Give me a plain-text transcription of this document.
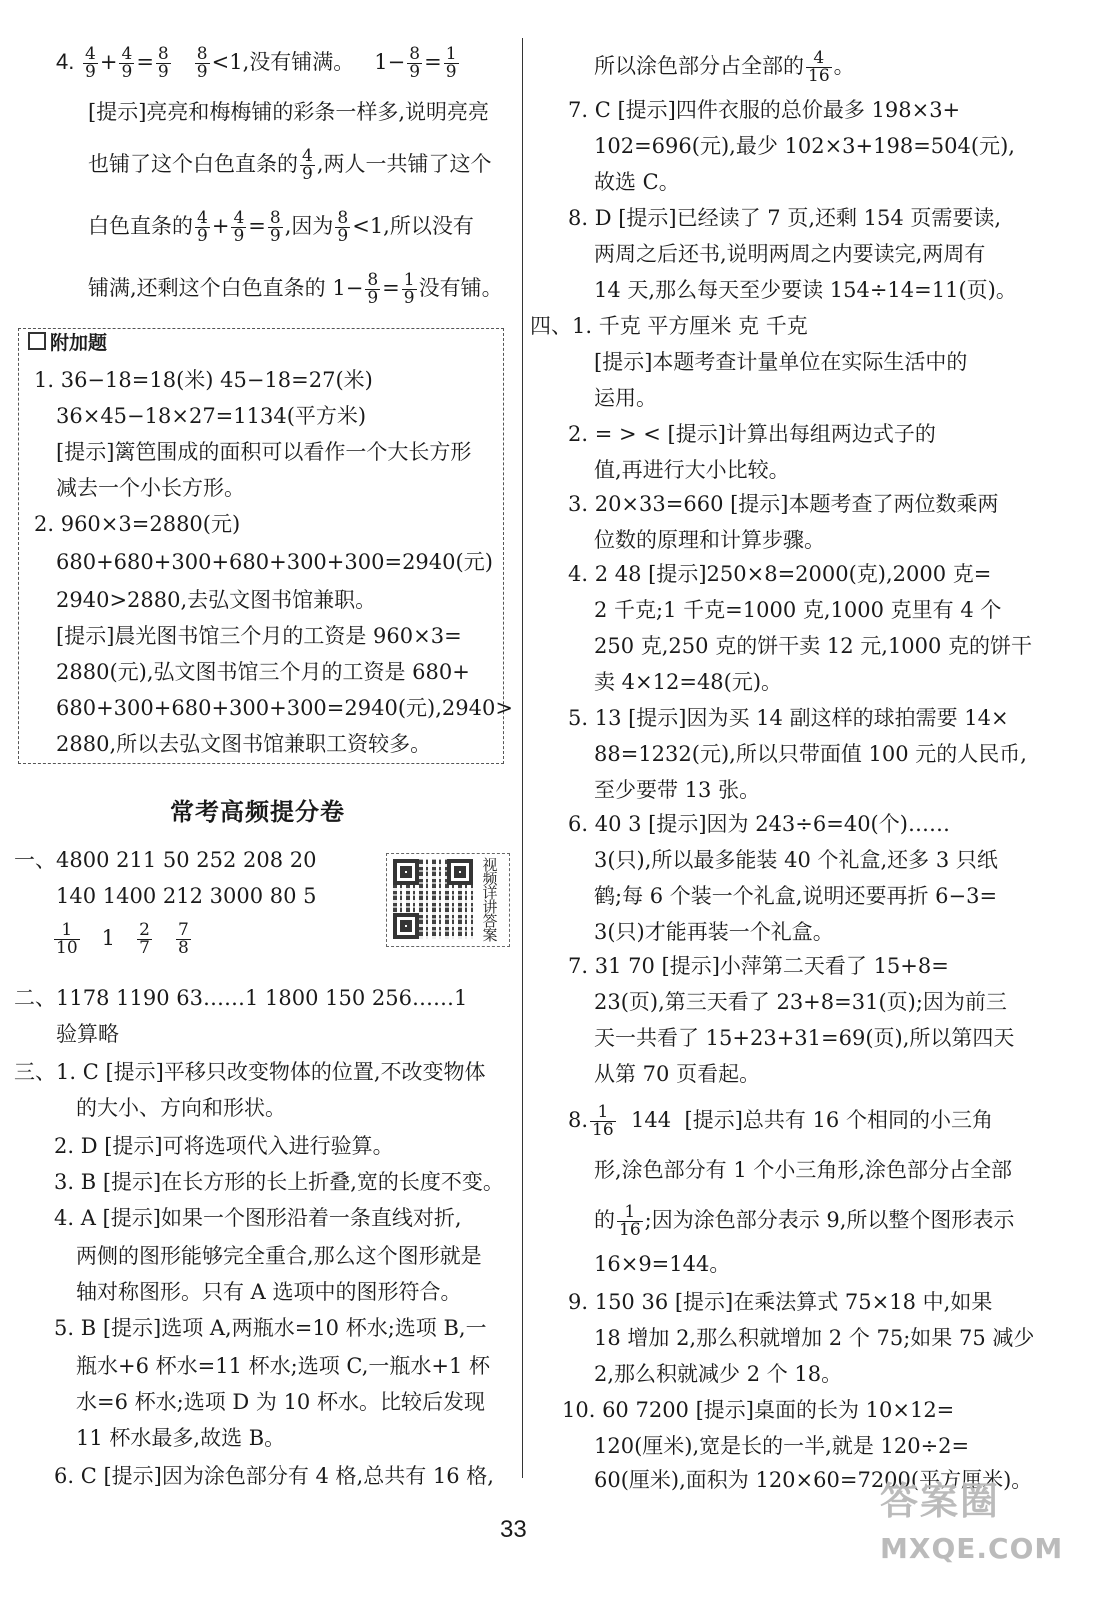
4. $\frac{4}{9} + \frac{4}{9} = \frac{8}{9}$
$\frac{8}{9} <1$,没有铺满。 $1- \frac{8}{9} = \frac{1}{9}$
[提示]亮亮和梅梅铺的彩条一样多,说明亮亮
也铺了这个白色直条的 $\frac{4}{9}$ ,两人一共铺了这个
白色直条的 $\frac{4}{9} + \frac{4}{9} = \frac{8}{9}$ ,因为 $\frac{8}{9} <1$,所以没有
铺满,还剩这个白色直条的 $1- \frac{8}{9} = \frac{1}{9}$ 没有铺。
附加题
1. 36−18=18(米) 45−18=27(米)
36×45−18×27=1134(平方米)
[提示]篱笆围成的面积可以看作一个大长方形
减去一个小长方形。
2. 960×3=2880(元)
680+680+300+680+300+300=2940(元)
2940>2880,去弘文图书馆兼职。
[提示]晨光图书馆三个月的工资是 960×3=
2880(元),弘文图书馆三个月的工资是 680+
680+300+680+300+300=2940(元),2940>
2880,所以去弘文图书馆兼职工资较多。
常考高频提分卷
一、4800 211 50 252 208 20
140 1400 212 3000 80 5
$\frac{1}{10} 1 \frac{2}{7}$
$\frac{7}{8}$
视频详讲答案
二、1178 1190 63……1 1800 150 256……1
验算略
三、1. C [提示]平移只改变物体的位置,不改变物体
的大小、方向和形状。
2. D [提示]可将选项代入进行验算。
3. B [提示]在长方形的长上折叠,宽的长度不变。
4. A [提示]如果一个图形沿着一条直线对折,
两侧的图形能够完全重合,那么这个图形就是
轴对称图形。只有 A 选项中的图形符合。
5. B [提示]选项 A,两瓶水=10 杯水;选项 B,一
瓶水+6 杯水=11 杯水;选项 C,一瓶水+1 杯
水=6 杯水;选项 D 为 10 杯水。比较后发现
11 杯水最多,故选 B。
6. C [提示]因为涂色部分有 4 格,总共有 16 格,
所以涂色部分占全部的 $\frac{4}{16}$ 。
7. C [提示]四件衣服的总价最多 198×3+
102=696(元),最少 102×3+198=504(元),
故选 C。
8. D [提示]已经读了 7 页,还剩 154 页需要读,
两周之后还书,说明两周之内要读完,两周有
14 天,那么每天至少要读 154÷14=11(页)。
四、1. 千克 平方厘米 克 千克
[提示]本题考查计量单位在实际生活中的
运用。
2. = > < [提示]计算出每组两边式子的
值,再进行大小比较。
3. 20×33=660 [提示]本题考查了两位数乘两
位数的原理和计算步骤。
4. 2 48 [提示]250×8=2000(克),2000 克=
2 千克;1 千克=1000 克,1000 克里有 4 个
250 克,250 克的饼干卖 12 元,1000 克的饼干
卖 4×12=48(元)。
5. 13 [提示]因为买 14 副这样的球拍需要 14×
88=1232(元),所以只带面值 100 元的人民币,
至少要带 13 张。
6. 40 3 [提示]因为 243÷6=40(个)……
3(只),所以最多能装 40 个礼盒,还多 3 只纸
鹤;每 6 个装一个礼盒,说明还要再折 6−3=
3(只)才能再装一个礼盒。
7. 31 70 [提示]小萍第二天看了 15+8=
23(页),第三天看了 23+8=31(页);因为前三
天一共看了 15+23+31=69(页),所以第四天
从第 70 页看起。
8. $\frac{1}{16} 144$ [提示]总共有 16 个相同的小三角
形,涂色部分有 1 个小三角形,涂色部分占全部
的 $\frac{1}{16}$ ;因为涂色部分表示 9,所以整个图形表示
16×9=144。
9. 150 36 [提示]在乘法算式 75×18 中,如果
18 增加 2,那么积就增加 2 个 75;如果 75 减少
2,那么积就减少 2 个 18。
10. 60 7200 [提示]桌面的长为 10×12=
120(厘米),宽是长的一半,就是 120÷2=
60(厘米),面积为 120×60=7200(平方厘米)。
33
答案圈
MXQE.COM
